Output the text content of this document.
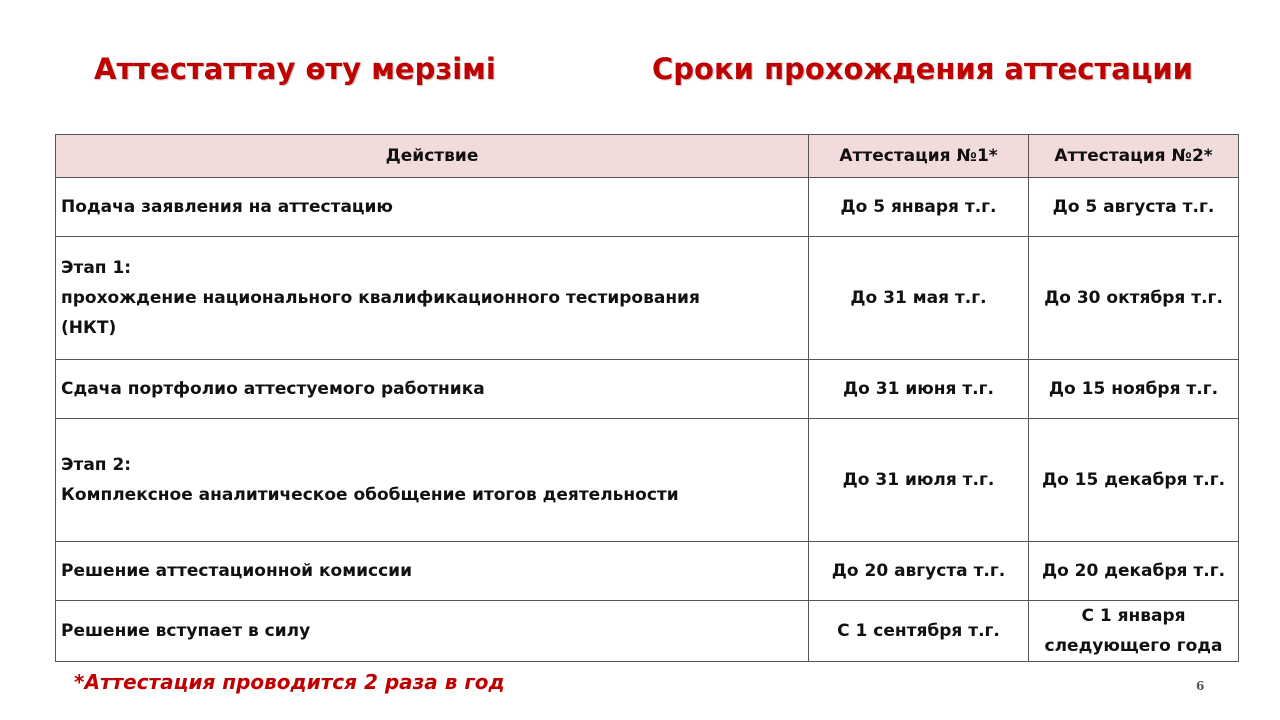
Аттестаттау өту мерзімі	Сроки прохождения аттестации
Действие	Аттестация №1*	Аттестация №2*

Подача заявления на аттестацию	До 5 января т.г.	До 5 августа т.г.

Этап 1:
прохождение национального квалификационного тестирования
(НКТ)	До 31 мая т.г.	До 30 октября т.г.

Сдача портфолио аттестуемого работника	До 31 июня т.г.	До 15 ноября т.г.

Этап 2:
Комплексное аналитическое обобщение итогов деятельности	До 31 июля т.г.	До 15 декабря т.г.

Решение аттестационной комиссии	До 20 августа т.г.	До 20 декабря т.г.

Решение вступает в силу	С 1 сентября т.г.	С 1 января
следующего года
*Аттестация проводится 2 раза в год	6
